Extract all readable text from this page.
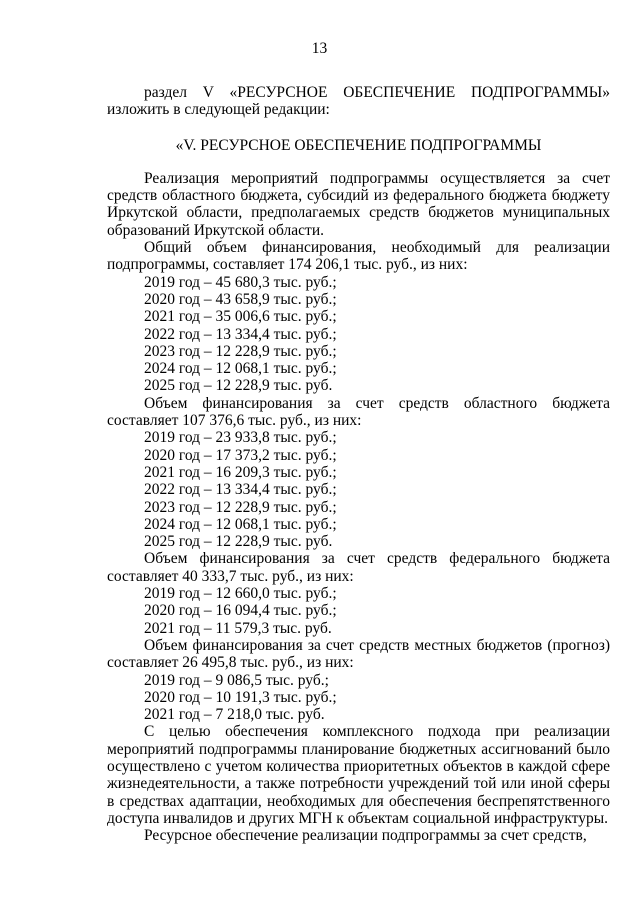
13

раздел V «РЕСУРСНОЕ ОБЕСПЕЧЕНИЕ ПОДПРОГРАММЫ» изложить в следующей редакции:

«V. РЕСУРСНОЕ ОБЕСПЕЧЕНИЕ ПОДПРОГРАММЫ

Реализация мероприятий подпрограммы осуществляется за счет средств областного бюджета, субсидий из федерального бюджета бюджету Иркутской области, предполагаемых средств бюджетов муниципальных образований Иркутской области.

Общий объем финансирования, необходимый для реализации подпрограммы, составляет 174 206,1 тыс. руб., из них:

2019 год – 45 680,3 тыс. руб.;

2020 год – 43 658,9 тыс. руб.;

2021 год – 35 006,6 тыс. руб.;

2022 год – 13 334,4 тыс. руб.;

2023 год – 12 228,9 тыс. руб.;

2024 год – 12 068,1 тыс. руб.;

2025 год – 12 228,9 тыс. руб.

Объем финансирования за счет средств областного бюджета составляет 107 376,6 тыс. руб., из них:

2019 год – 23 933,8 тыс. руб.;

2020 год – 17 373,2 тыс. руб.;

2021 год – 16 209,3 тыс. руб.;

2022 год – 13 334,4 тыс. руб.;

2023 год – 12 228,9 тыс. руб.;

2024 год – 12 068,1 тыс. руб.;

2025 год – 12 228,9 тыс. руб.

Объем финансирования за счет средств федерального бюджета составляет 40 333,7 тыс. руб., из них:

2019 год – 12 660,0 тыс. руб.;

2020 год – 16 094,4 тыс. руб.;

2021 год – 11 579,3 тыс. руб.

Объем финансирования за счет средств местных бюджетов (прогноз) составляет 26 495,8 тыс. руб., из них:

2019 год – 9 086,5 тыс. руб.;

2020 год – 10 191,3 тыс. руб.;

2021 год – 7 218,0 тыс. руб.

С целью обеспечения комплексного подхода при реализации мероприятий подпрограммы планирование бюджетных ассигнований было осуществлено с учетом количества приоритетных объектов в каждой сфере жизнедеятельности, а также потребности учреждений той или иной сферы в средствах адаптации, необходимых для обеспечения беспрепятственного доступа инвалидов и других МГН к объектам социальной инфраструктуры.

Ресурсное обеспечение реализации подпрограммы за счет средств,
